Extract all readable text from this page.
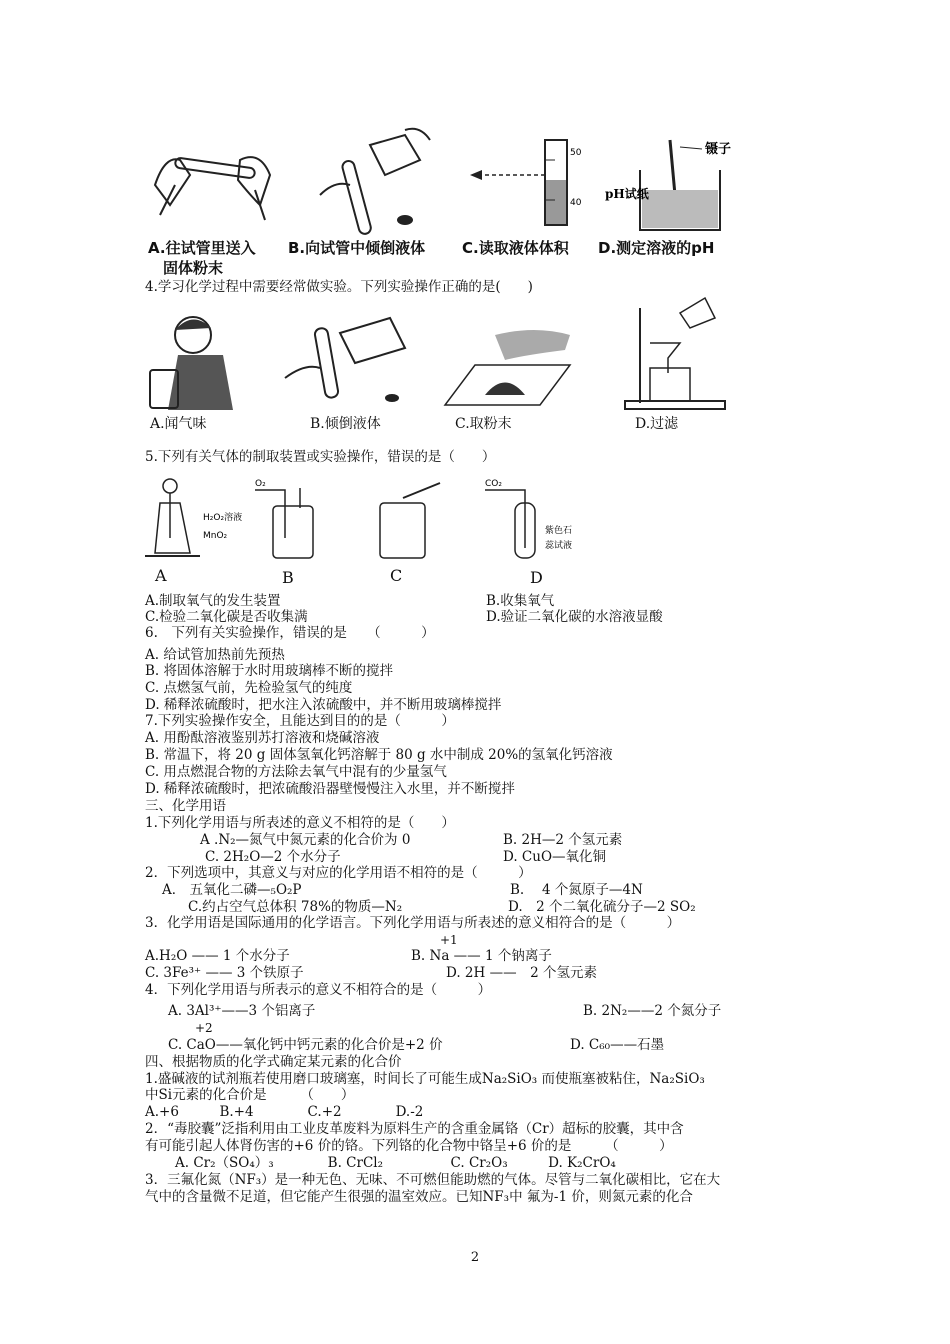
50
40
镊子
pH试纸
A.往试管里送入
固体粉末
B.向试管中倾倒液体 C.读取液体体积 D.测定溶液的pH
4.学习化学过程中需要经常做实验。下列实验操作正确的是(　　)
A.闻气味	B.倾倒液体	C.取粉末	D.过滤
5.下列有关气体的制取装置或实验操作，错误的是（　　）
H₂O₂溶液
MnO₂
O₂	CO₂
紫色石
蕊试液
A	B	C	D
A.制取氧气的发生装置	B.收集氧气
C.检验二氧化碳是否收集满	D.验证二氧化碳的水溶液显酸
6.　下列有关实验操作，错误的是　　（　　　）
A. 给试管加热前先预热
B. 将固体溶解于水时用玻璃棒不断的搅拌
C. 点燃氢气前，先检验氢气的纯度
D. 稀释浓硫酸时，把水注入浓硫酸中，并不断用玻璃棒搅拌
7.下列实验操作安全，且能达到目的的是（　　　）
A. 用酚酞溶液鉴别苏打溶液和烧碱溶液
B. 常温下，将 20 g 固体氢氧化钙溶解于 80 g 水中制成 20%的氢氧化钙溶液
C. 用点燃混合物的方法除去氧气中混有的少量氢气
D. 稀释浓硫酸时，把浓硫酸沿器壁慢慢注入水里，并不断搅拌
三、化学用语
1.下列化学用语与所表述的意义不相符的是（　　）
A .N₂—氮气中氮元素的化合价为 0	B. 2H—2 个氢元素
C. 2H₂O—2 个水分子	D. CuO—氧化铜
2．下列选项中，其意义与对应的化学用语不相符的是（　　　）
A． 五氧化二磷—₅O₂P	B.　 4 个氮原子—4N
C.约占空气总体积 78%的物质—N₂	D.　2 个二氧化硫分子—2 SO₂
3．化学用语是国际通用的化学语言。下列化学用语与所表述的意义相符合的是（　　　）
+1
A.H₂O —— 1 个水分子	B. Na —— 1 个钠离子
C. 3Fe³⁺ —— 3 个铁原子	D. 2H ——　2 个氢元素
4．下列化学用语与所表示的意义不相符合的是（　　　）
A. 3Al³⁺——3 个铝离子	B. 2N₂——2 个氮分子
+2
C. CaO——氧化钙中钙元素的化合价是+2 价	D. C₆₀——石墨
四、根据物质的化学式确定某元素的化合价
1.盛碱液的试剂瓶若使用磨口玻璃塞，时间长了可能生成Na₂SiO₃ 而使瓶塞被粘住，Na₂SiO₃
中Si元素的化合价是　　　（　　）
A.+6　　　B.+4　　　　C.+2　　　　D.-2
2．“毒胶囊”泛指利用由工业皮革废料为原料生产的含重金属铬（Cr）超标的胶囊，其中含
有可能引起人体肾伤害的+6 价的铬。下列铬的化合物中铬呈+6 价的是　　　（　　　）
A. Cr₂（SO₄）₃　　　　B. CrCl₂　　　　　C. Cr₂O₃　　　D. K₂CrO₄
3．三氟化氮（NF₃）是一种无色、无味、不可燃但能助燃的气体。尽管与二氧化碳相比，它在大
气中的含量微不足道，但它能产生很强的温室效应。已知NF₃中 氟为-1 价，则氮元素的化合
2
